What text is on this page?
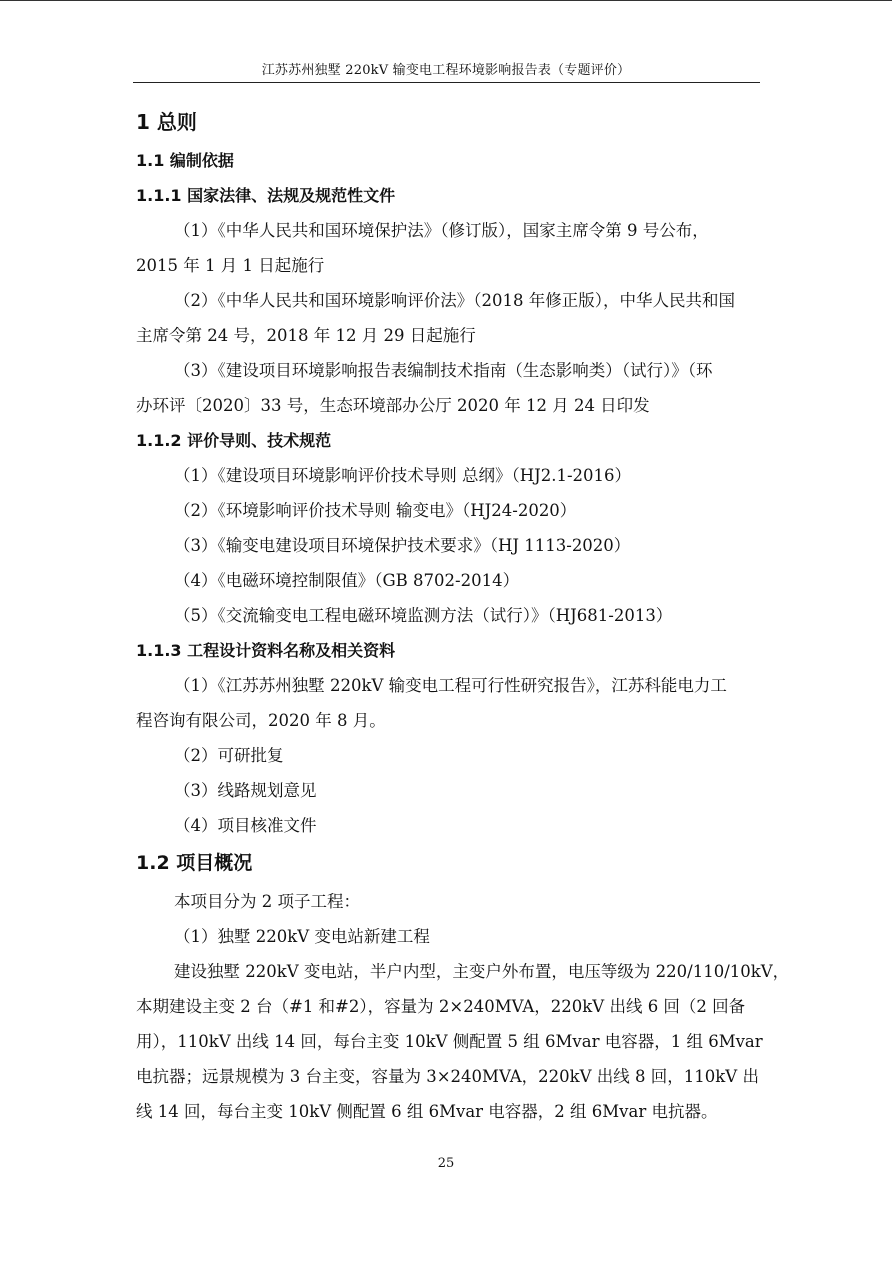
江苏苏州独墅 220kV 输变电工程环境影响报告表（专题评价）
1 总则
1.1 编制依据
1.1.1 国家法律、法规及规范性文件
（1）《中华人民共和国环境保护法》（修订版），国家主席令第 9 号公布，
2015 年 1 月 1 日起施行
（2）《中华人民共和国环境影响评价法》（2018 年修正版），中华人民共和国
主席令第 24 号，2018 年 12 月 29 日起施行
（3）《建设项目环境影响报告表编制技术指南（生态影响类）（试行）》（环
办环评〔2020〕33 号，生态环境部办公厅 2020 年 12 月 24 日印发
1.1.2 评价导则、技术规范
（1）《建设项目环境影响评价技术导则 总纲》（HJ2.1-2016）
（2）《环境影响评价技术导则 输变电》（HJ24-2020）
（3）《输变电建设项目环境保护技术要求》（HJ 1113-2020）
（4）《电磁环境控制限值》（GB 8702-2014）
（5）《交流输变电工程电磁环境监测方法（试行）》（HJ681-2013）
1.1.3 工程设计资料名称及相关资料
（1）《江苏苏州独墅 220kV 输变电工程可行性研究报告》，江苏科能电力工
程咨询有限公司，2020 年 8 月。
（2）可研批复
（3）线路规划意见
（4）项目核准文件
1.2 项目概况
本项目分为 2 项子工程：
（1）独墅 220kV 变电站新建工程
建设独墅 220kV 变电站，半户内型，主变户外布置，电压等级为 220/110/10kV，
本期建设主变 2 台（#1 和#2），容量为 2×240MVA，220kV 出线 6 回（2 回备
用），110kV 出线 14 回，每台主变 10kV 侧配置 5 组 6Mvar 电容器，1 组 6Mvar
电抗器；远景规模为 3 台主变，容量为 3×240MVA，220kV 出线 8 回，110kV 出
线 14 回，每台主变 10kV 侧配置 6 组 6Mvar 电容器，2 组 6Mvar 电抗器。
25
